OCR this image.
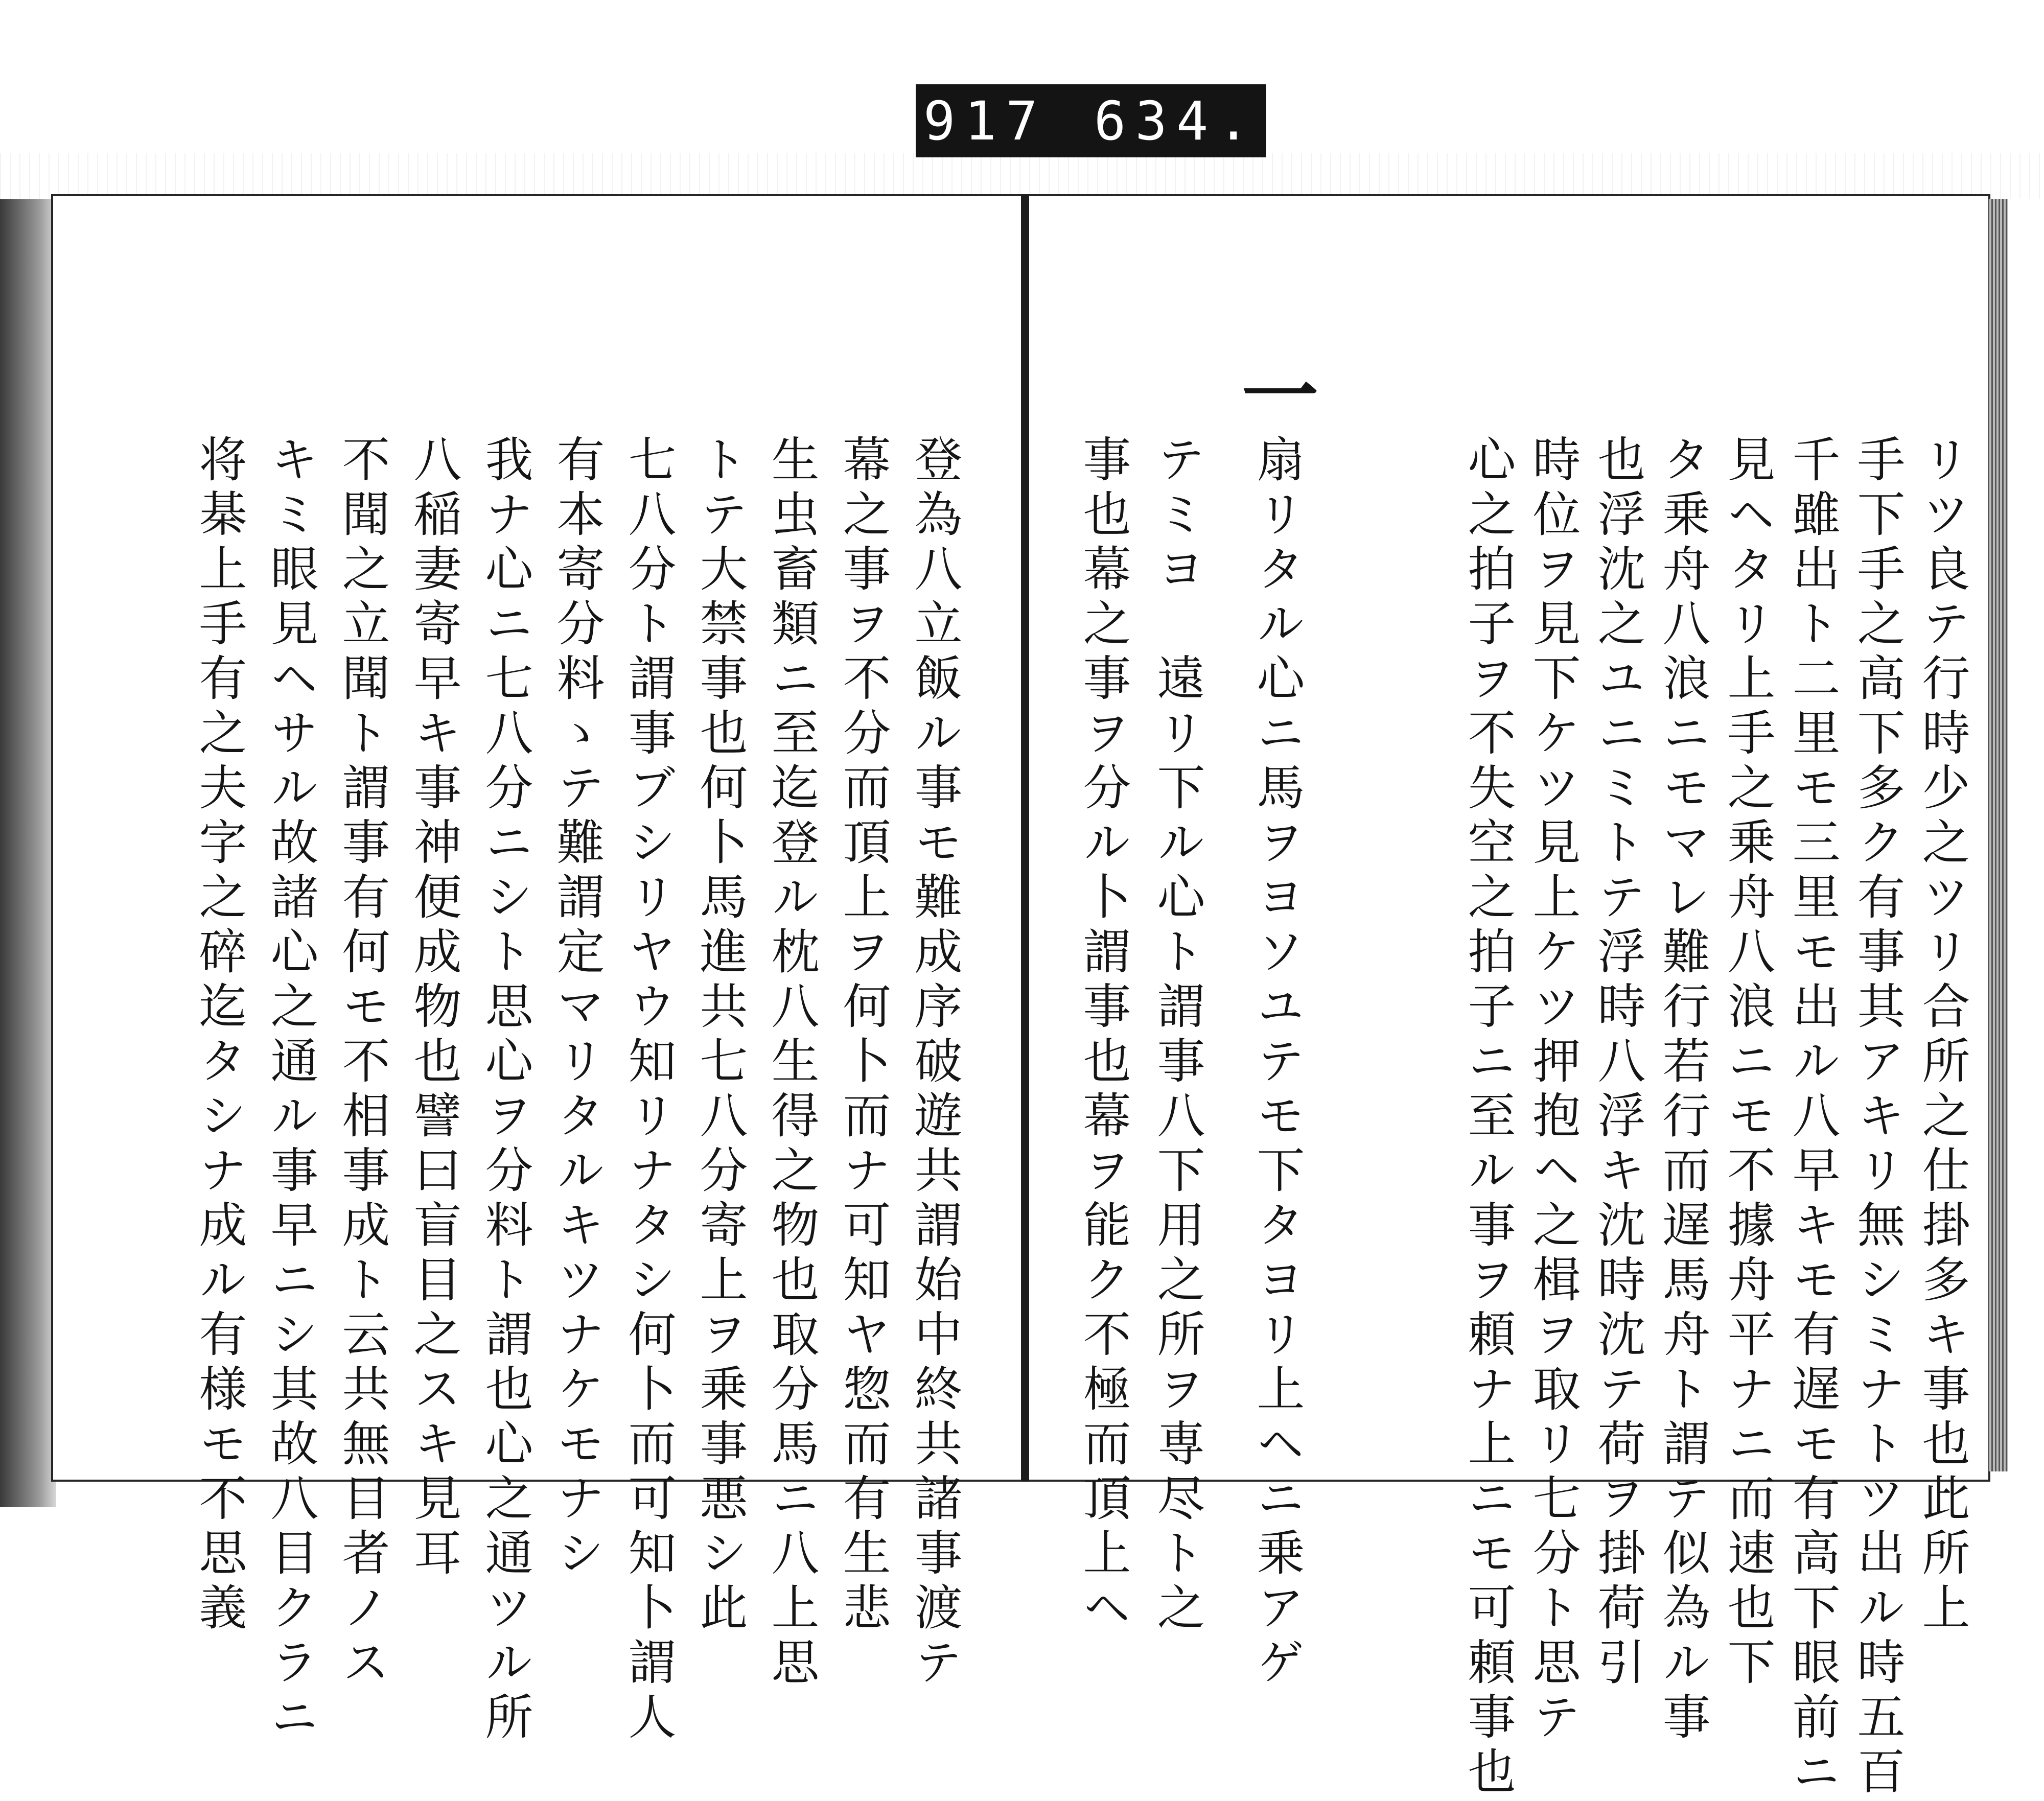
917 634.
一
リツ良テ行時少之ツリ合所之仕掛多キ事也此所上
手下手之高下多ク有事其アキリ無シミナトツ出ル時五百
千雖出ト二里モ三里モ出ル八早キモ有遅モ有高下眼前ニ
見ヘタリ上手之乗舟八浪ニモ不據舟平ナニ而速也下
タ乗舟八浪ニモマレ難行若行而遅馬舟ト謂テ似為ル事
也浮沈之ユニミトテ浮時八浮キ沈時沈テ荷ヲ掛荷引
時位ヲ見下ケツ見上ケツ押抱ヘ之楫ヲ取リ七分ト思テ
心之拍子ヲ不失空之拍子ニ至ル事ヲ頼ナ上ニモ可頼事也
扇リタル心ニ馬ヲヨソユテモ下タヨリ上ヘニ乗アゲ
テミヨ　遠リ下ル心ト謂事八下用之所ヲ専尽ト之
事也幕之事ヲ分ル卜謂事也幕ヲ能ク不極而頂上ヘ
登為八立飯ル事モ難成序破遊共謂始中終共諸事渡テ
幕之事ヲ不分而頂上ヲ何卜而ナ可知ヤ惣而有生悲
生虫畜類ニ至迄登ル枕八生得之物也取分馬ニ八上思
トテ大禁事也何卜馬進共七八分寄上ヲ乗事悪シ此
七八分ト謂事ブシリヤウ知リナタシ何卜而可知卜謂人
有本寄分料ゝテ難謂定マリタルキツナケモナシ
我ナ心ニ七八分ニシト思心ヲ分料ト謂也心之通ツル所
八稲妻寄早キ事神便成物也譬曰盲目之スキ見耳
不聞之立聞ト謂事有何モ不相事成ト云共無目者ノス
キミ眼見ヘサル故諸心之通ル事早ニシ其故八目クラニ
将棊上手有之夫字之碎迄タシナ成ル有様モ不思義
